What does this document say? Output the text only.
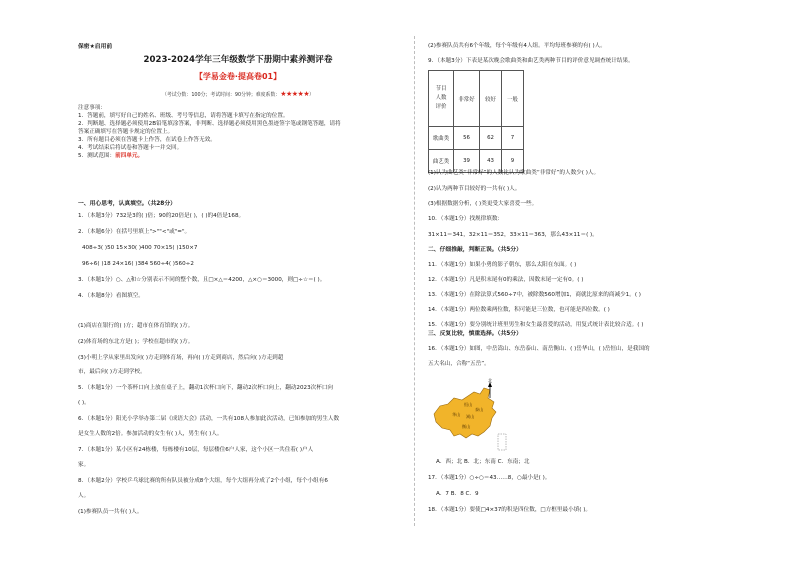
保密★启用前
2023-2024学年三年级数学下册期中素养测评卷
【学易金卷·提高卷01】
（考试分数：100分；考试时间：90分钟；难度系数：★★★★★）
注意事项：
1．答题前，填写好自己的姓名、班级、考号等信息，请将答题卡填写在指定的位置。
2．判断题、选择题必须使用2B铅笔填涂答案，非判断、选择题必须使用黑色墨迹签字笔或钢笔答题，请将
答案正确填写在答题卡规定的位置上。
3．所有题目必须在答题卡上作答，在试卷上作答无效。
4．考试结束后将试卷和答题卡一并交回。
5．测试范围：前四单元。
一、用心思考，认真填空。（共28分）
1．（本题3分）732是3的( )倍；90的20倍是( )，( )的4倍是168。
2．（本题6分）在括号里填上">""<"或"="。
408÷3( )50 15×30( )400 70×15( )150×7
96÷6( )18 24×16( )384 560÷4( )560÷2
3．（本题1分）○、△和☆分别表示不同的整个数，且□×△＝4200，△×○＝3000，则□÷☆＝( )。
4．（本题8分）看图填空。
(1)商店在银行的( )方；超市在体育馆的( )方。
(2)体育场的东北方是( )；学校在超市的( )方。
(3)小明上学从家里出发向( )方走到体育场，再向( )方走到商店，然后向( )方走到超
市，最后向( )方走到学校。
5．（本题1分）一个茶杯口向上放在桌子上，翻动1次杯口向下，翻动2次杯口向上，翻动2023次杯口向
( )。
6．（本题1分）阳光小学举办第二届《成语大会》活动，一共有108人参加此次活动，已知参加的男生人数
是女生人数的2倍。参加活动的女生有( )人，男生有( )人。
7．（本题1分）某小区有24栋楼，每栋楼有10层，每层楼住6户人家，这个小区一共住着( )户人
家。
8．（本题2分）学校乒乓球比赛的所有队员被分成8个大组，每个大组再分成了2个小组，每个小组有6
人。
(1)参赛队员一共有( )人。
(2)参赛队员共有6个年级，每个年级有4人组。平均每班参赛的有( )人。
9．（本题3分）下表是某次晚会歌曲类和曲艺类两种节目的评价意见调查统计结果。
节目
人数
评价	非常好	较好	一般
歌曲类	56	62	7
曲艺类	39	43	9
(1)认为曲艺类“非常好”的人数比认为歌曲类“非常好”的人数少( )人。
(2)认为两种节目较好的一共有( )人。
(3)根据数据分析，( )类更受大家喜爱一些。
10．（本题1分）找规律填数：
31×11＝341，32×11＝352，33×11＝363，那么43×11＝( )。
二、仔细推敲，判断正误。（共5分）
11．（本题1分）如果小勇的影子朝东，那么太阳在东面。( )
12．（本题1分）凡是积末尾有0的乘法，因数末尾一定有0。( )
13．（本题1分）在除法算式560÷7中，被除数560增加1，商就比原来的商减少1。( )
14．（本题1分）两位数乘两位数，积可能是三位数，也可能是四位数。( )
15．（本题1分）要分别统计班里男生和女生最喜爱的活动，用复式统计表比较合适。( )
三、反复比较，慎重选择。（共5分）
16．（本题1分）如图，中岳嵩山、东岳泰山、南岳衡山、( )岳华山，( )岳恒山，是我国的
五大名山，合称“五岳”。
北
恒山
泰山
华山 嵩山
衡山
A．西；北 B．北；东南 C．东南；北
17．（本题1分）○÷○＝43……8，○最小是( )。
A．7 B．8 C．9
18．（本题1分）要使□4×37的积是四位数，□方框里最小填( )。
